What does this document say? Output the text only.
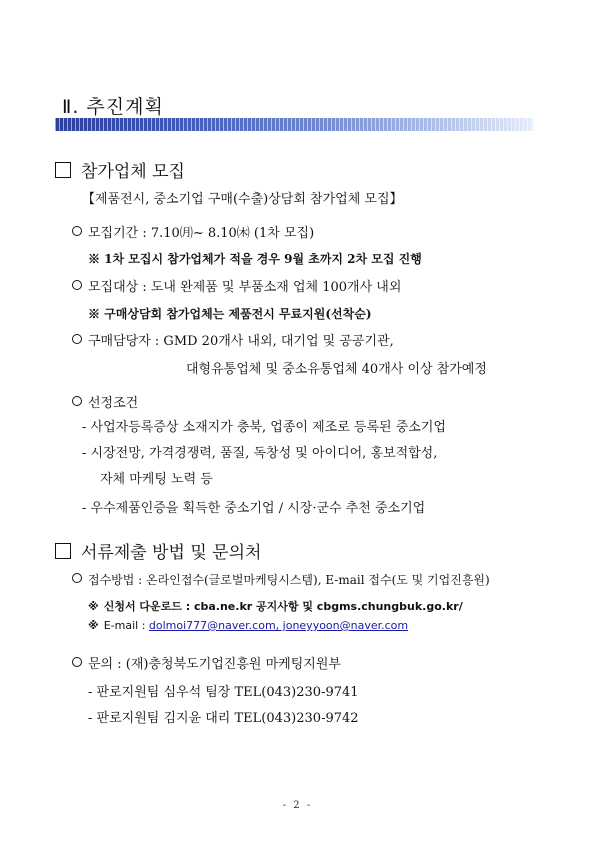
Ⅱ. 추진계획
참가업체 모집
【제품전시, 중소기업 구매(수출)상담회 참가업체 모집】
모집기간 : 7.10㈪~ 8.10㈭ (1차 모집)
※ 1차 모집시 참가업체가 적을 경우 9월 초까지 2차 모집 진행
모집대상 : 도내 완제품 및 부품소재 업체 100개사 내외
※ 구매상담회 참가업체는 제품전시 무료지원(선착순)
구매담당자 : GMD 20개사 내외, 대기업 및 공공기관,
대형유통업체 및 중소유통업체 40개사 이상 참가예정
선정조건
- 사업자등록증상 소재지가 충북, 업종이 제조로 등록된 중소기업
- 시장전망, 가격경쟁력, 품질, 독창성 및 아이디어, 홍보적합성,
자체 마케팅 노력 등
- 우수제품인증을 획득한 중소기업 / 시장·군수 추천 중소기업
서류제출 방법 및 문의처
접수방법 : 온라인접수(글로벌마케팅시스템), E-mail 접수(도 및 기업진흥원)
※ 신청서 다운로드 : cba.ne.kr 공지사항 및 cbgms.chungbuk.go.kr/
※ E-mail : dolmoi777@naver.com, joneyyoon@naver.com
문의 : (재)충청북도기업진흥원 마케팅지원부
- 판로지원팀 심우석 팀장 TEL(043)230-9741
- 판로지원팀 김지윤 대리 TEL(043)230-9742
- 2 -
